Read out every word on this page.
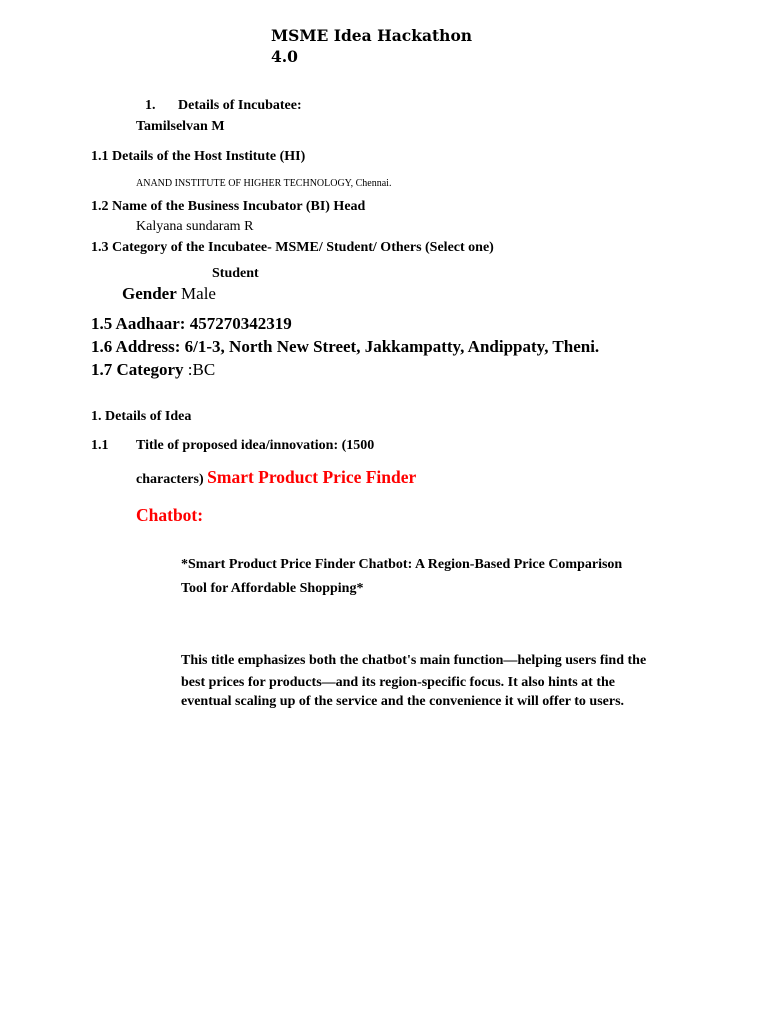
MSME Idea Hackathon
4.0
1. Details of Incubatee:
Tamilselvan M
1.1 Details of the Host Institute (HI)
ANAND INSTITUTE OF HIGHER TECHNOLOGY, Chennai.
1.2 Name of the Business Incubator (BI) Head
Kalyana sundaram R
1.3 Category of the Incubatee- MSME/ Student/ Others (Select one)
Student
Gender Male
1.5 Aadhaar: 457270342319
1.6 Address: 6/1-3, North New Street, Jakkampatty, Andippaty, Theni.
1.7 Category :BC
1. Details of Idea
1.1 Title of proposed idea/innovation: (1500
characters) Smart Product Price Finder
Chatbot:
*Smart Product Price Finder Chatbot: A Region-Based Price Comparison
Tool for Affordable Shopping*
This title emphasizes both the chatbot's main function—helping users find the
best prices for products—and its region-specific focus. It also hints at the
eventual scaling up of the service and the convenience it will offer to users.
